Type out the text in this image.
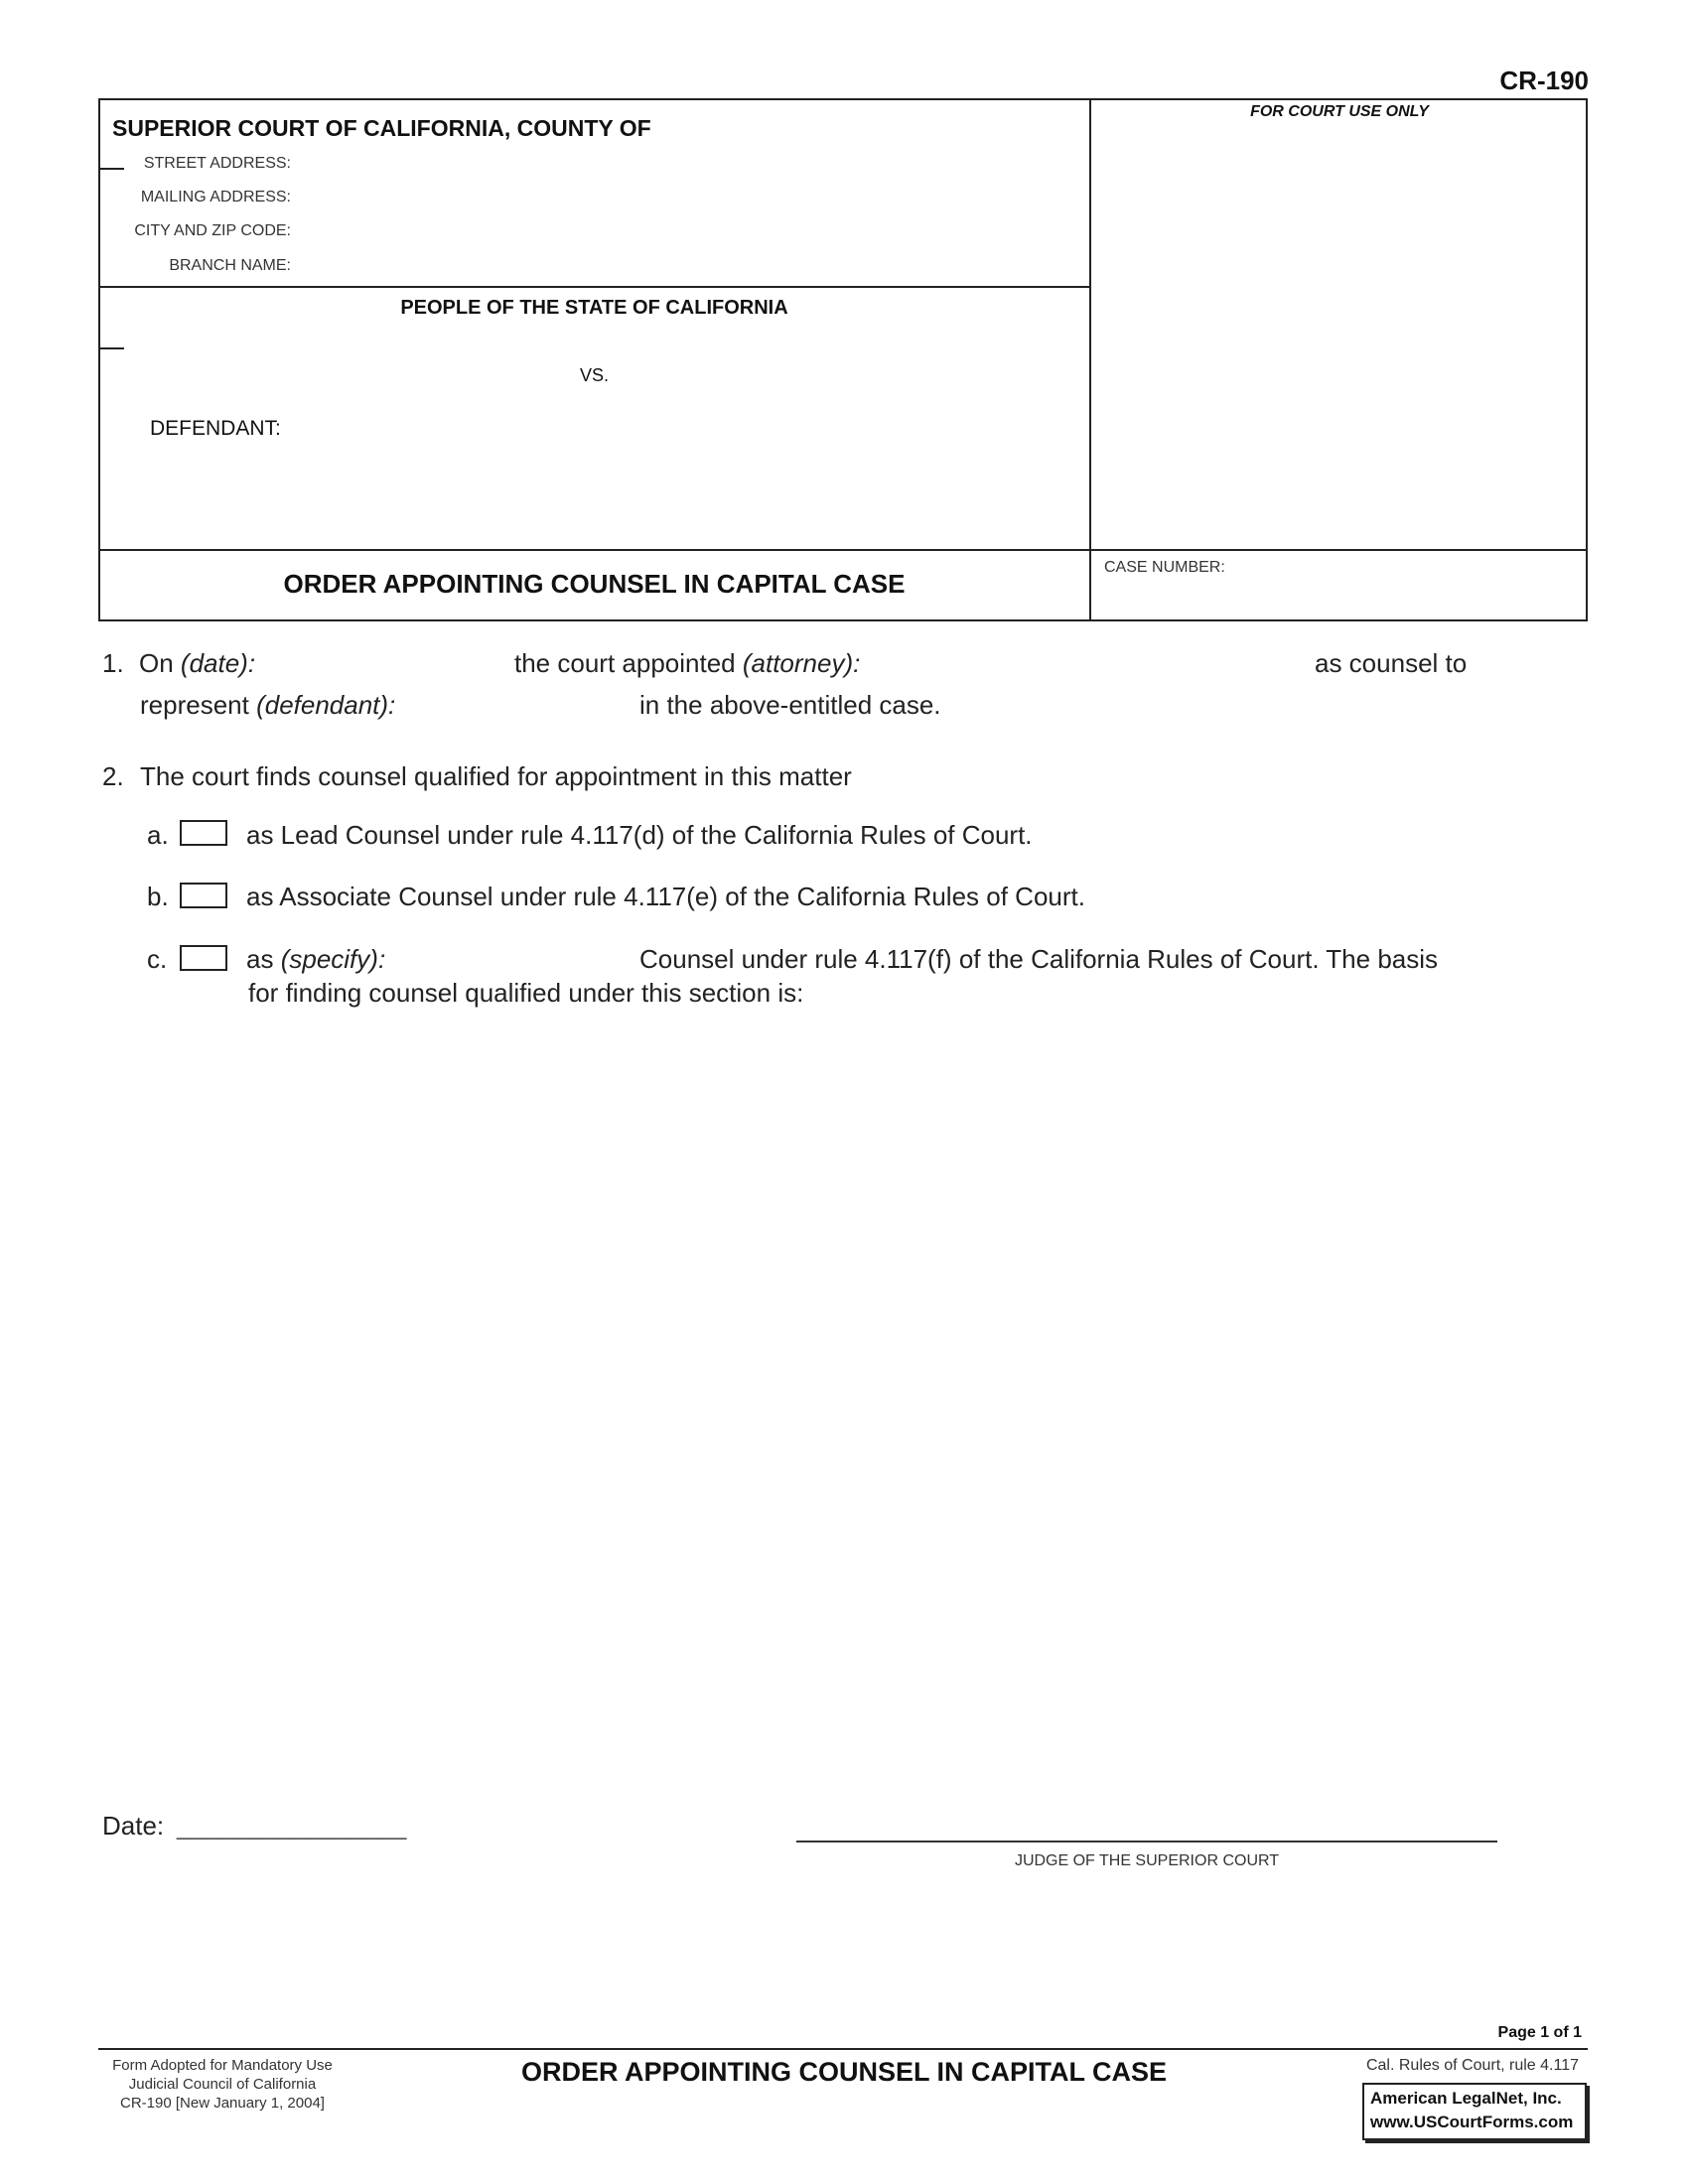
CR-190
SUPERIOR COURT OF CALIFORNIA, COUNTY OF
STREET ADDRESS:
MAILING ADDRESS:
CITY AND ZIP CODE:
BRANCH NAME:
PEOPLE OF THE STATE OF CALIFORNIA
VS.
DEFENDANT:
FOR COURT USE ONLY
CASE NUMBER:
ORDER APPOINTING COUNSEL IN CAPITAL CASE
1. On (date):	the court appointed (attorney):	as counsel to
represent (defendant):	in the above-entitled case.
2. The court finds counsel qualified for appointment in this matter
a.	as Lead Counsel under rule 4.117(d) of the California Rules of Court.
b.	as Associate Counsel under rule 4.117(e) of the California Rules of Court.
c.	as (specify):	Counsel under rule 4.117(f) of the California Rules of Court. The basis
for finding counsel qualified under this section is:
Date: ________________
JUDGE OF THE SUPERIOR COURT
Page 1 of 1
Form Adopted for Mandatory Use
Judicial Council of California
CR-190 [New January 1, 2004]
ORDER APPOINTING COUNSEL IN CAPITAL CASE	Cal. Rules of Court, rule 4.117
American LegalNet, Inc.
www.USCourtForms.com
